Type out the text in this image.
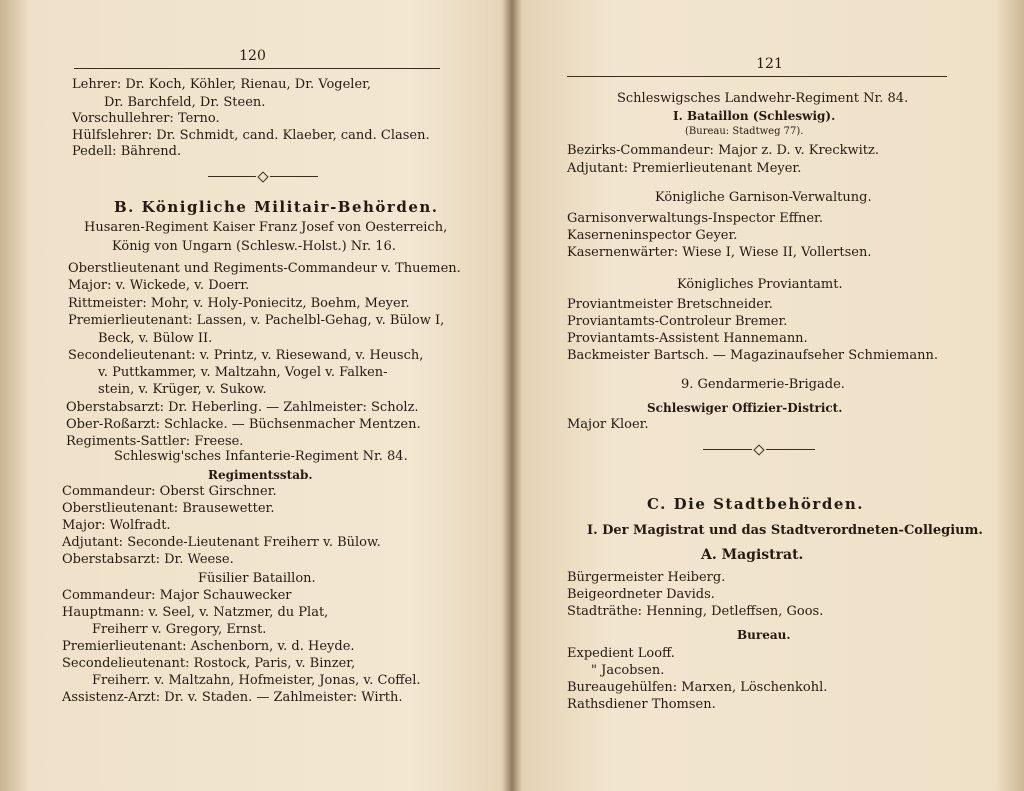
120
Lehrer: Dr. Koch, Köhler, Rienau, Dr. Vogeler,
Dr. Barchfeld, Dr. Steen.
Vorschullehrer: Terno.
Hülfslehrer: Dr. Schmidt, cand. Klaeber, cand. Clasen.
Pedell: Bährend.
B. Königliche Militair-Behörden.
Husaren-Regiment Kaiser Franz Josef von Oesterreich,
König von Ungarn (Schlesw.-Holst.) Nr. 16.
Oberstlieutenant und Regiments-Commandeur v. Thuemen.
Major: v. Wickede, v. Doerr.
Rittmeister: Mohr, v. Holy-Poniecitz, Boehm, Meyer.
Premierlieutenant: Lassen, v. Pachelbl-Gehag, v. Bülow I,
Beck, v. Bülow II.
Secondelieutenant: v. Printz, v. Riesewand, v. Heusch,
v. Puttkammer, v. Maltzahn, Vogel v. Falken-
stein, v. Krüger, v. Sukow.
Oberstabsarzt: Dr. Heberling. — Zahlmeister: Scholz.
Ober-Roßarzt: Schlacke. — Büchsenmacher Mentzen.
Regiments-Sattler: Freese.
Schleswig'sches Infanterie-Regiment Nr. 84.
Regimentsstab.
Commandeur: Oberst Girschner.
Oberstlieutenant: Brausewetter.
Major: Wolfradt.
Adjutant: Seconde-Lieutenant Freiherr v. Bülow.
Oberstabsarzt: Dr. Weese.
Füsilier Bataillon.
Commandeur: Major Schauwecker
Hauptmann: v. Seel, v. Natzmer, du Plat,
Freiherr v. Gregory, Ernst.
Premierlieutenant: Aschenborn, v. d. Heyde.
Secondelieutenant: Rostock, Paris, v. Binzer,
Freiherr. v. Maltzahn, Hofmeister, Jonas, v. Coffel.
Assistenz-Arzt: Dr. v. Staden. — Zahlmeister: Wirth.
121
Schleswigsches Landwehr-Regiment Nr. 84.
I. Bataillon (Schleswig).
(Bureau: Stadtweg 77).
Bezirks-Commandeur: Major z. D. v. Kreckwitz.
Adjutant: Premierlieutenant Meyer.
Königliche Garnison-Verwaltung.
Garnisonverwaltungs-Inspector Effner.
Kaserneninspector Geyer.
Kasernenwärter: Wiese I, Wiese II, Vollertsen.
Königliches Proviantamt.
Proviantmeister Bretschneider.
Proviantamts-Controleur Bremer.
Proviantamts-Assistent Hannemann.
Backmeister Bartsch. — Magazinaufseher Schmiemann.
9. Gendarmerie-Brigade.
Schleswiger Offizier-District.
Major Kloer.
C. Die Stadtbehörden.
I. Der Magistrat und das Stadtverordneten-Collegium.
A. Magistrat.
Bürgermeister Heiberg.
Beigeordneter Davids.
Stadträthe: Henning, Detleffsen, Goos.
Bureau.
Expedient Looff.
" Jacobsen.
Bureaugehülfen: Marxen, Löschenkohl.
Rathsdiener Thomsen.
